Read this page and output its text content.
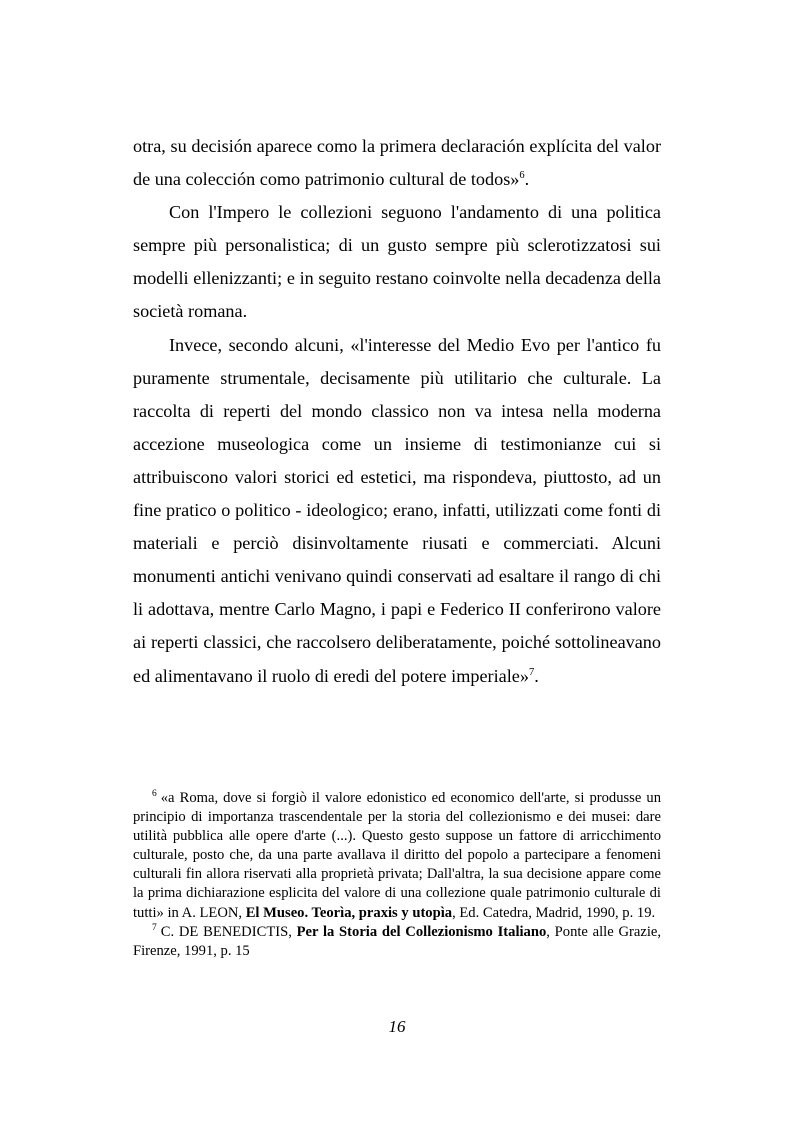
otra, su decisión aparece como la primera declaración explícita del valor de una colección como patrimonio cultural de todos»$^6$.

Con l'Impero le collezioni seguono l'andamento di una politica sempre più personalistica; di un gusto sempre più sclerotizzatosi sui modelli ellenizzanti; e in seguito restano coinvolte nella decadenza della società romana.

Invece, secondo alcuni, «l'interesse del Medio Evo per l'antico fu puramente strumentale, decisamente più utilitario che culturale. La raccolta di reperti del mondo classico non va intesa nella moderna accezione museologica come un insieme di testimonianze cui si attribuiscono valori storici ed estetici, ma rispondeva, piuttosto, ad un fine pratico o politico - ideologico; erano, infatti, utilizzati come fonti di materiali e perciò disinvoltamente riusati e commerciati. Alcuni monumenti antichi venivano quindi conservati ad esaltare il rango di chi li adottava, mentre Carlo Magno, i papi e Federico II conferirono valore ai reperti classici, che raccolsero deliberatamente, poiché sottolineavano ed alimentavano il ruolo di eredi del potere imperiale»$^7$.

$^6$ «a Roma, dove si forgiò il valore edonistico ed economico dell'arte, si produsse un principio di importanza trascendentale per la storia del collezionismo e dei musei: dare utilità pubblica alle opere d'arte (...). Questo gesto suppose un fattore di arricchimento culturale, posto che, da una parte avallava il diritto del popolo a partecipare a fenomeni culturali fin allora riservati alla proprietà privata; Dall'altra, la sua decisione appare come la prima dichiarazione esplicita del valore di una collezione quale patrimonio culturale di tutti» in A. LEON, El Museo. Teorìa, praxis y utopìa, Ed. Catedra, Madrid, 1990, p. 19.

$^7$ C. DE BENEDICTIS, Per la Storia del Collezionismo Italiano, Ponte alle Grazie, Firenze, 1991, p. 15

16
